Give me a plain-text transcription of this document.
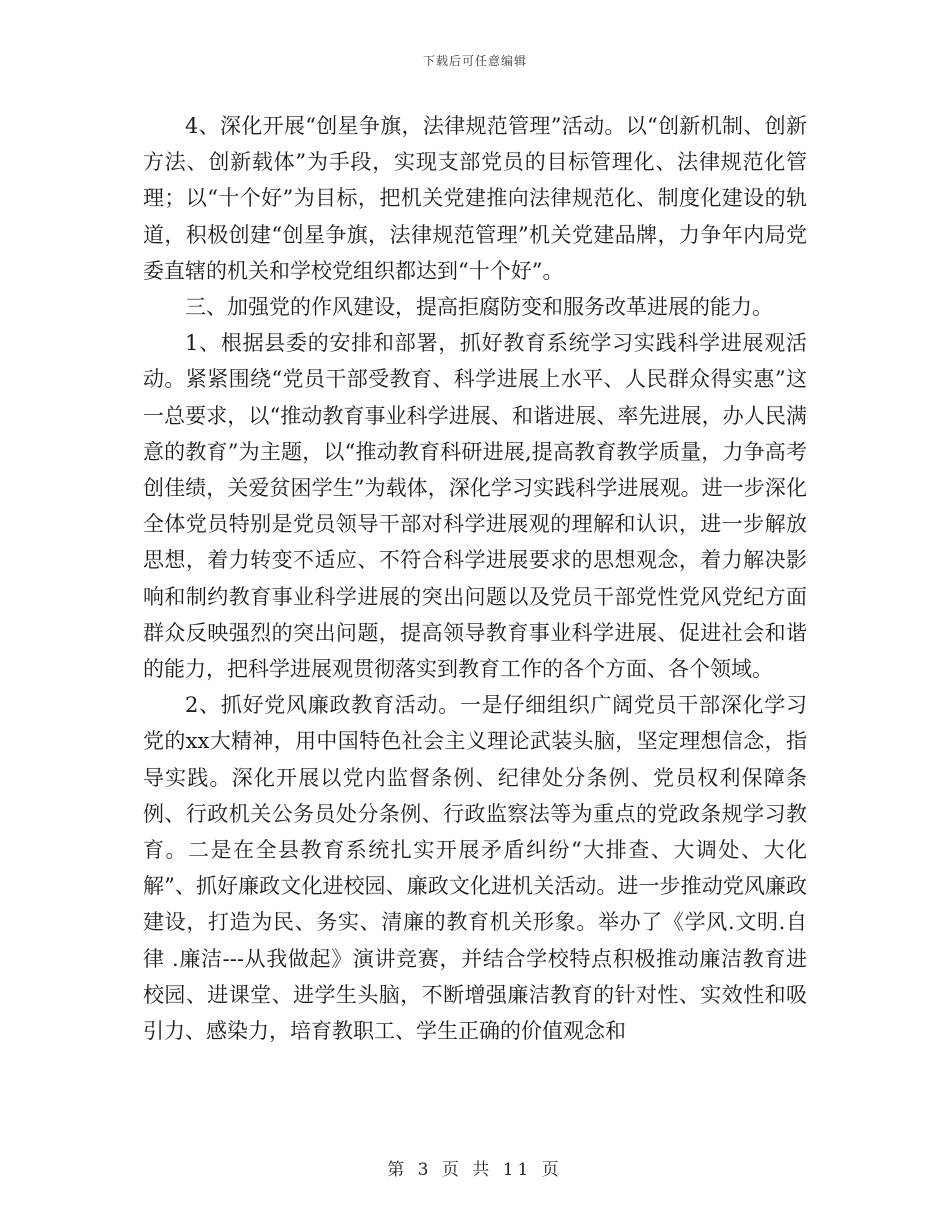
下载后可任意编辑

4、深化开展“创星争旗，法律规范管理”活动。以“创新机制、创新方法、创新载体”为手段，实现支部党员的目标管理化、法律规范化管理；以“十个好”为目标，把机关党建推向法律规范化、制度化建设的轨道，积极创建“创星争旗，法律规范管理”机关党建品牌，力争年内局党委直辖的机关和学校党组织都达到“十个好”。

三、加强党的作风建设，提高拒腐防变和服务改革进展的能力。

1、根据县委的安排和部署，抓好教育系统学习实践科学进展观活动。紧紧围绕“党员干部受教育、科学进展上水平、人民群众得实惠”这一总要求，以“推动教育事业科学进展、和谐进展、率先进展，办人民满意的教育”为主题，以“推动教育科研进展,提高教育教学质量，力争高考创佳绩，关爱贫困学生”为载体，深化学习实践科学进展观。进一步深化全体党员特别是党员领导干部对科学进展观的理解和认识，进一步解放思想，着力转变不适应、不符合科学进展要求的思想观念，着力解决影响和制约教育事业科学进展的突出问题以及党员干部党性党风党纪方面群众反映强烈的突出问题，提高领导教育事业科学进展、促进社会和谐的能力，把科学进展观贯彻落实到教育工作的各个方面、各个领域。

2、抓好党风廉政教育活动。一是仔细组织广阔党员干部深化学习党的xx大精神，用中国特色社会主义理论武装头脑，坚定理想信念，指导实践。深化开展以党内监督条例、纪律处分条例、党员权利保障条例、行政机关公务员处分条例、行政监察法等为重点的党政条规学习教育。二是在全县教育系统扎实开展矛盾纠纷“大排查、大调处、大化解”、抓好廉政文化进校园、廉政文化进机关活动。进一步推动党风廉政建设，打造为民、务实、清廉的教育机关形象。举办了《学风.文明.自律 .廉洁---从我做起》演讲竞赛，并结合学校特点积极推动廉洁教育进校园、进课堂、进学生头脑，不断增强廉洁教育的针对性、实效性和吸引力、感染力，培育教职工、学生正确的价值观念和

第 3 页 共 11 页
